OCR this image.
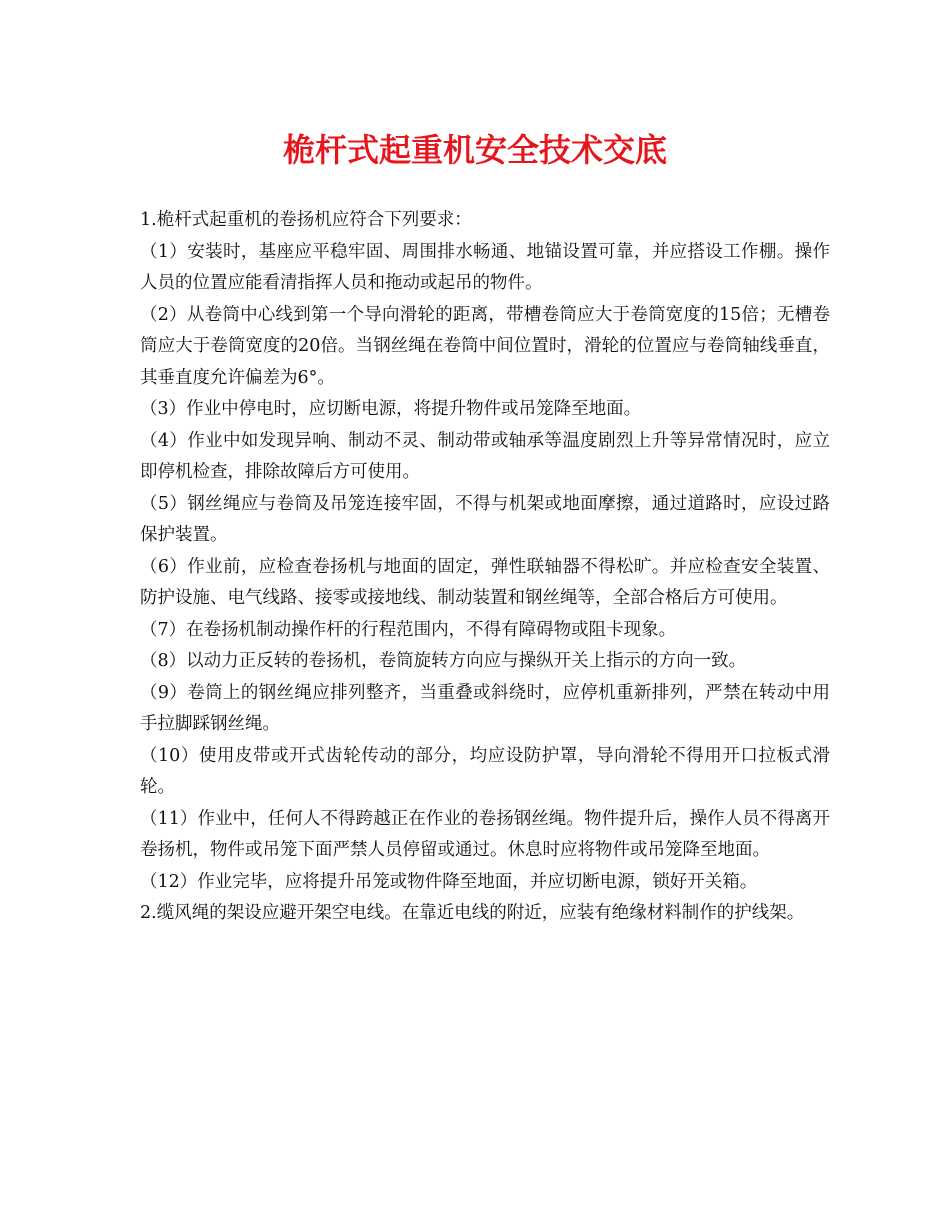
桅杆式起重机安全技术交底

1.桅杆式起重机的卷扬机应符合下列要求：

（1）安装时，基座应平稳牢固、周围排水畅通、地锚设置可靠，并应搭设工作棚。操作人员的位置应能看清指挥人员和拖动或起吊的物件。

（2）从卷筒中心线到第一个导向滑轮的距离，带槽卷筒应大于卷筒宽度的15倍；无槽卷筒应大于卷筒宽度的20倍。当钢丝绳在卷筒中间位置时，滑轮的位置应与卷筒轴线垂直，其垂直度允许偏差为6°。

（3）作业中停电时，应切断电源，将提升物件或吊笼降至地面。

（4）作业中如发现异响、制动不灵、制动带或轴承等温度剧烈上升等异常情况时，应立即停机检查，排除故障后方可使用。

（5）钢丝绳应与卷筒及吊笼连接牢固，不得与机架或地面摩擦，通过道路时，应设过路保护装置。

（6）作业前，应检查卷扬机与地面的固定，弹性联轴器不得松旷。并应检查安全装置、防护设施、电气线路、接零或接地线、制动装置和钢丝绳等，全部合格后方可使用。

（7）在卷扬机制动操作杆的行程范围内，不得有障碍物或阻卡现象。

（8）以动力正反转的卷扬机，卷筒旋转方向应与操纵开关上指示的方向一致。

（9）卷筒上的钢丝绳应排列整齐，当重叠或斜绕时，应停机重新排列，严禁在转动中用手拉脚踩钢丝绳。

（10）使用皮带或开式齿轮传动的部分，均应设防护罩，导向滑轮不得用开口拉板式滑轮。

（11）作业中，任何人不得跨越正在作业的卷扬钢丝绳。物件提升后，操作人员不得离开卷扬机，物件或吊笼下面严禁人员停留或通过。休息时应将物件或吊笼降至地面。

（12）作业完毕，应将提升吊笼或物件降至地面，并应切断电源，锁好开关箱。

2.缆风绳的架设应避开架空电线。在靠近电线的附近，应装有绝缘材料制作的护线架。
